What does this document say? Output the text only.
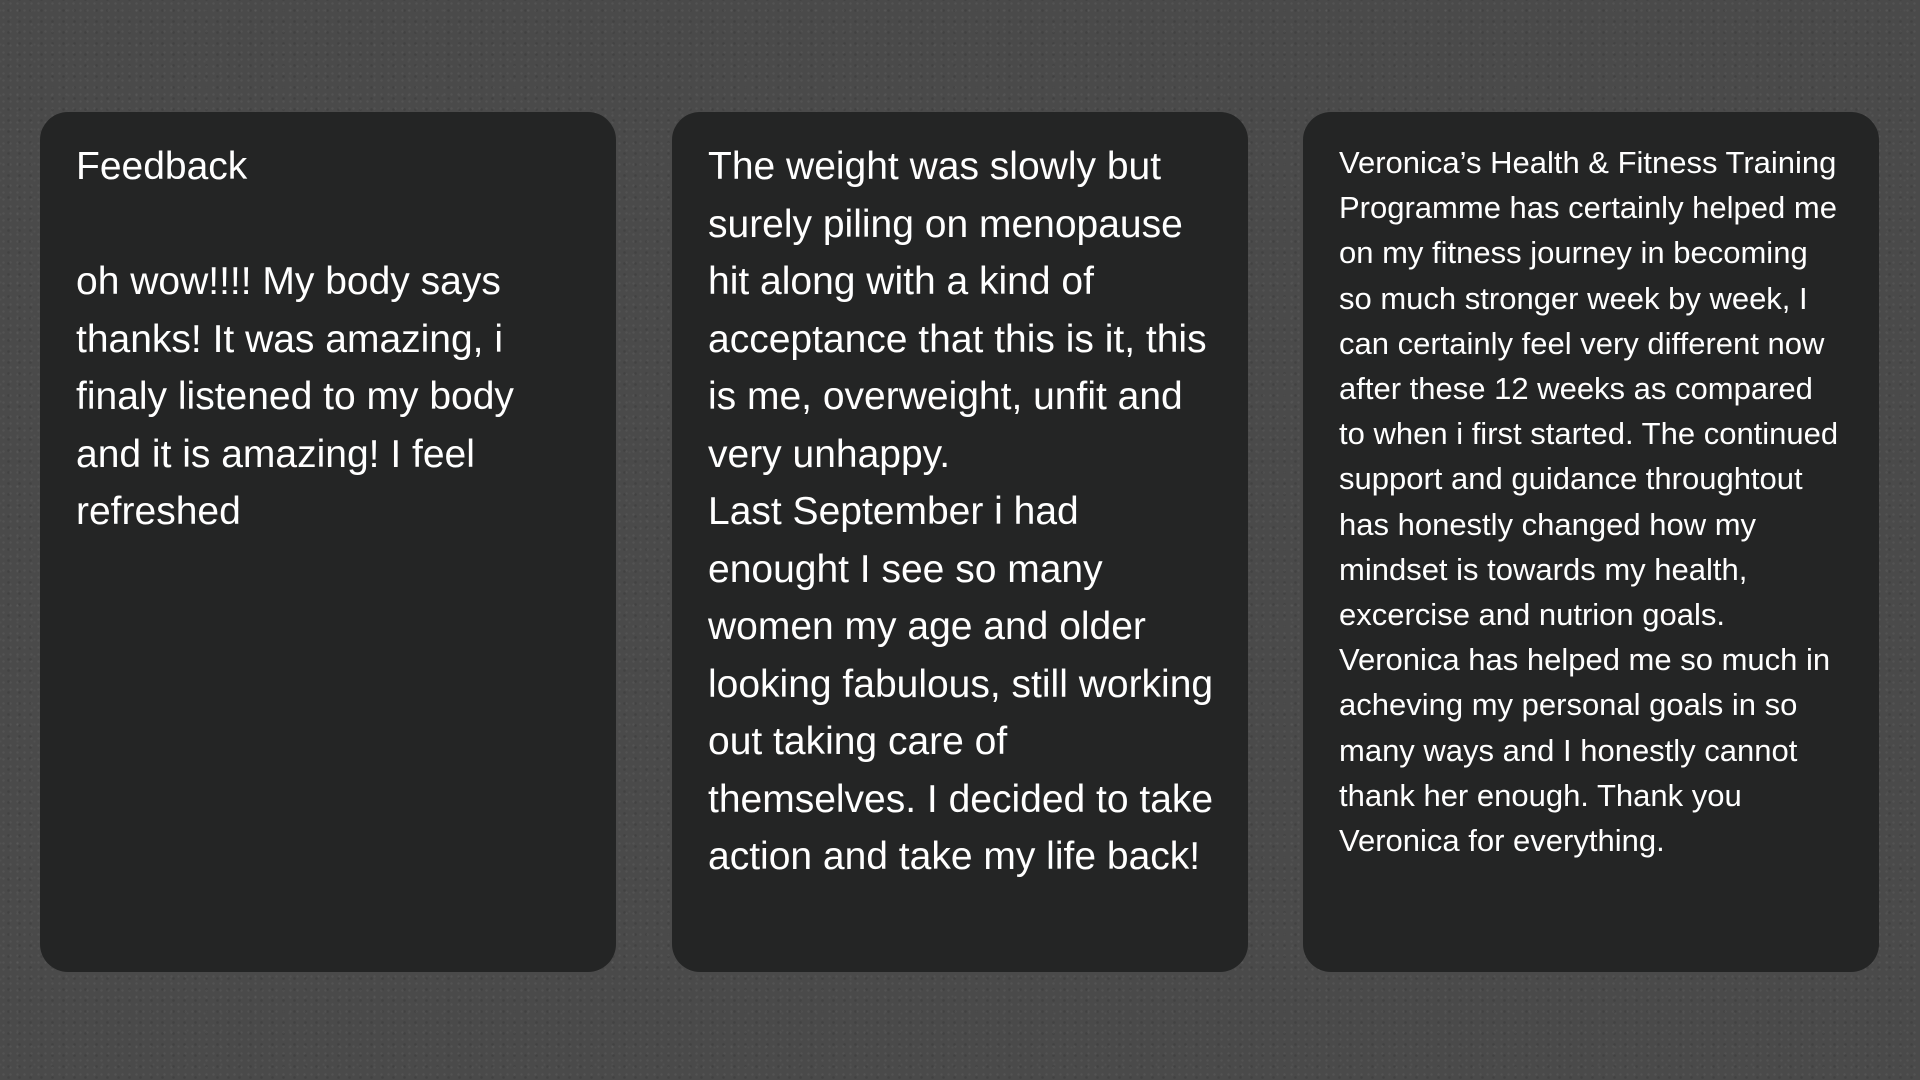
Feedback

oh wow!!!! My body says thanks! It was amazing, i finaly listened to my body and it is amazing! I feel refreshed

The weight was slowly but surely piling on menopause hit along with a kind of acceptance that this is it, this is me, overweight, unfit and very unhappy.
Last September i had enought I see so many women my age and older looking fabulous, still working out taking care of themselves. I decided to take action and take my life back!

Veronica’s Health & Fitness Training Programme has certainly helped me on my fitness journey in becoming so much stronger week by week, I can certainly feel very different now after these 12 weeks as compared to when i first started. The continued support and guidance throughtout has honestly changed how my mindset is towards my health, excercise and nutrion goals. Veronica has helped me so much in acheving my personal goals in so many ways and I honestly cannot thank her enough. Thank you Veronica for everything.
